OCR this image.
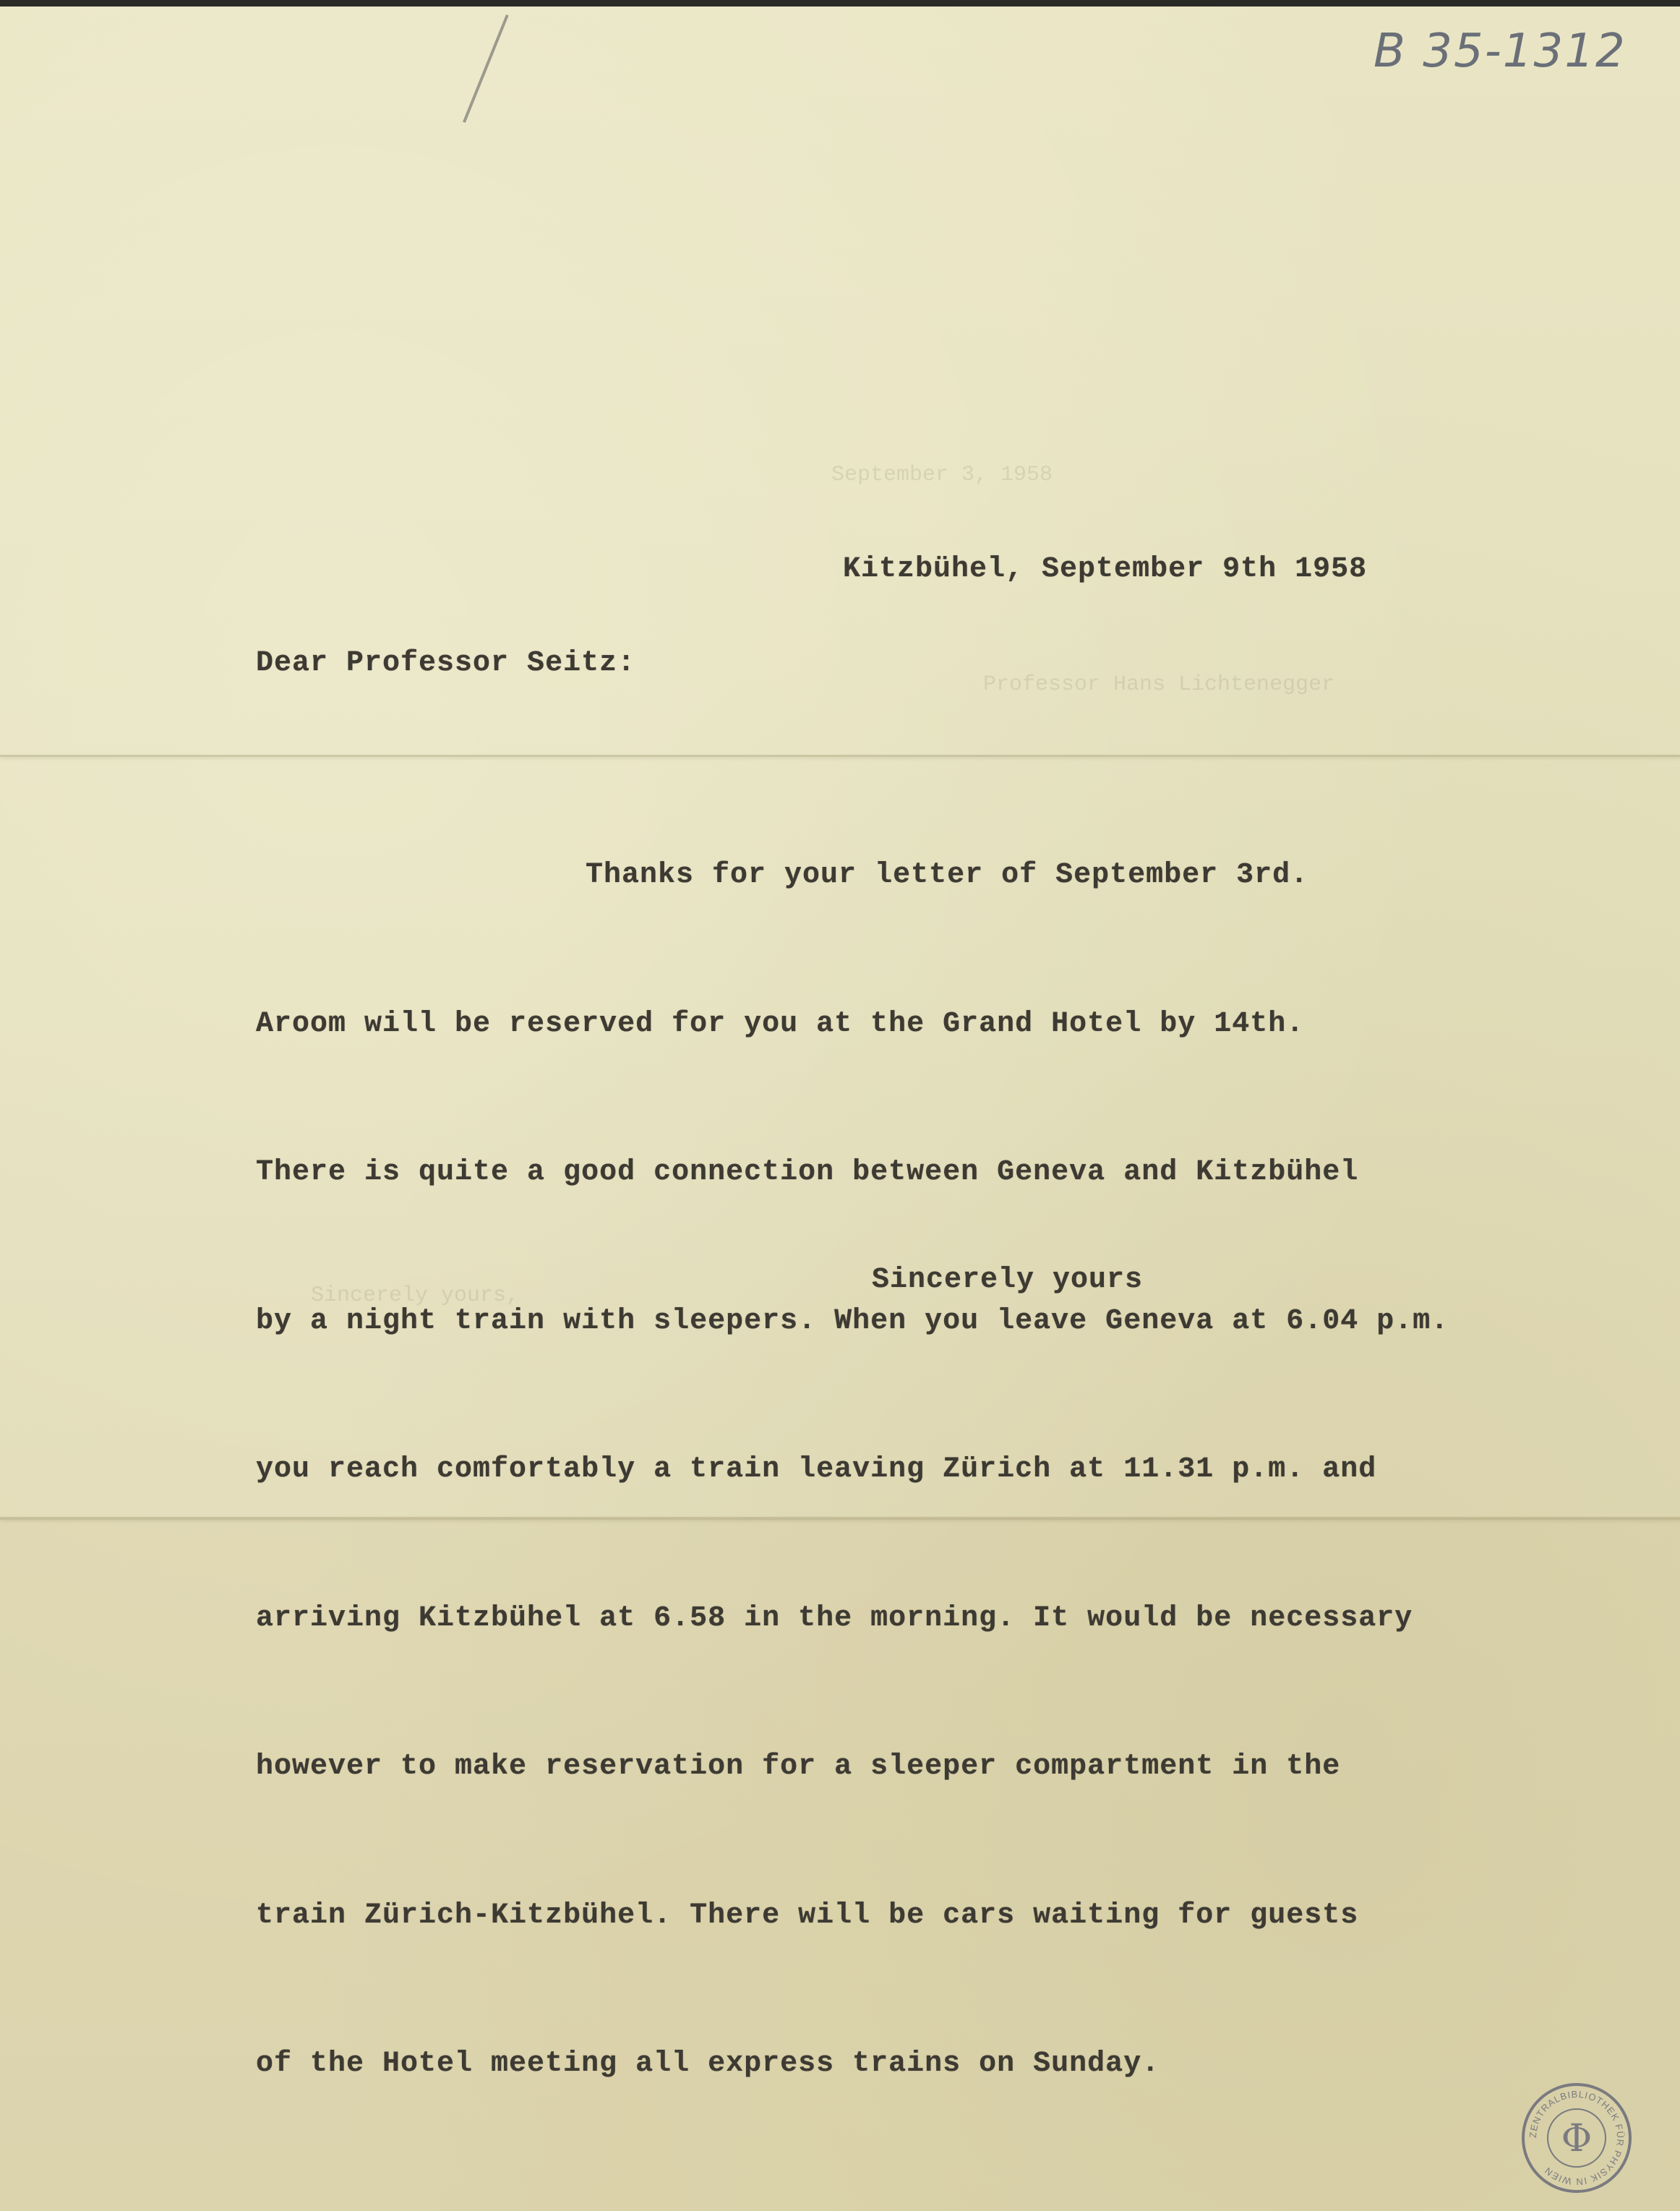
September 3, 1958
Professor Hans Lichtenegger
Sincerely yours,
B 35-1312
Kitzbühel, September 9th 1958
Dear Professor Seitz:

Thanks for your letter of September 3rd.

Aroom will be reserved for you at the Grand Hotel by 14th.

There is quite a good connection between Geneva and Kitzbühel

by a night train with sleepers. When you leave Geneva at 6.04 p.m.

you reach comfortably a train leaving Zürich at 11.31 p.m. and

arriving Kitzbühel at 6.58 in the morning. It would be necessary

however to make reservation for a sleeper compartment in the

train Zürich-Kitzbühel. There will be cars waiting for guests

of the Hotel meeting all express trains on Sunday.

Sincerely yours
ZENTRALBIBLIOTHEK FÜR PHYSIK IN WIEN
Φ
